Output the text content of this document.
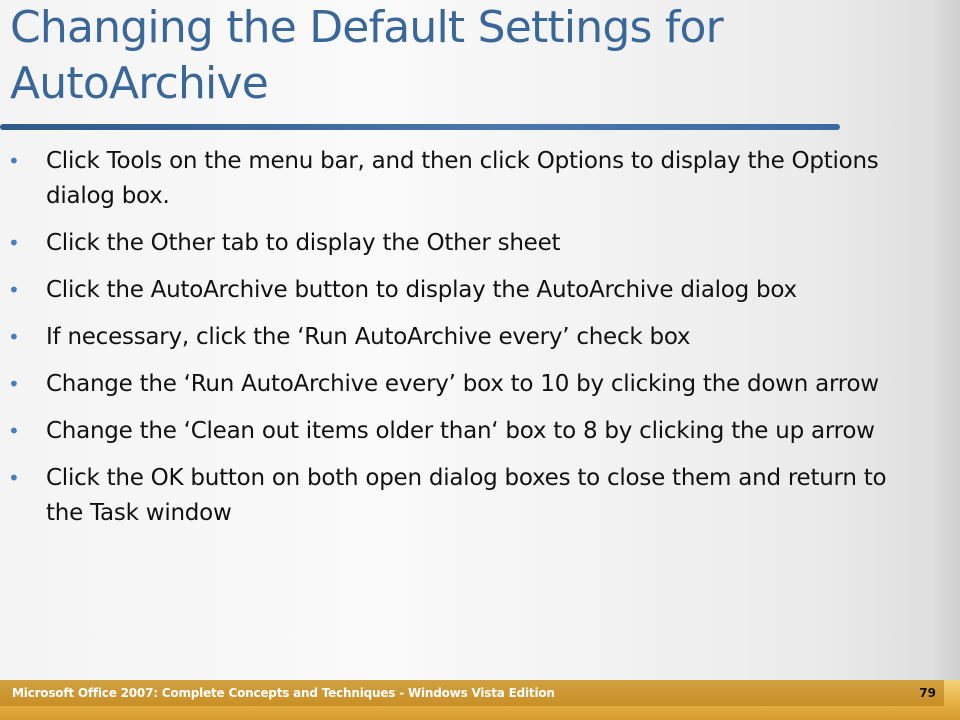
Changing the Default Settings for AutoArchive
• Click Tools on the menu bar, and then click Options to display the Options dialog box.
• Click the Other tab to display the Other sheet
• Click the AutoArchive button to display the AutoArchive dialog box
• If necessary, click the ‘Run AutoArchive every’ check box
• Change the ‘Run AutoArchive every’ box to 10 by clicking the down arrow
• Change the ‘Clean out items older than‘ box to 8 by clicking the up arrow
• Click the OK button on both open dialog boxes to close them and return to the Task window
Microsoft Office 2007: Complete Concepts and Techniques - Windows Vista Edition	79
